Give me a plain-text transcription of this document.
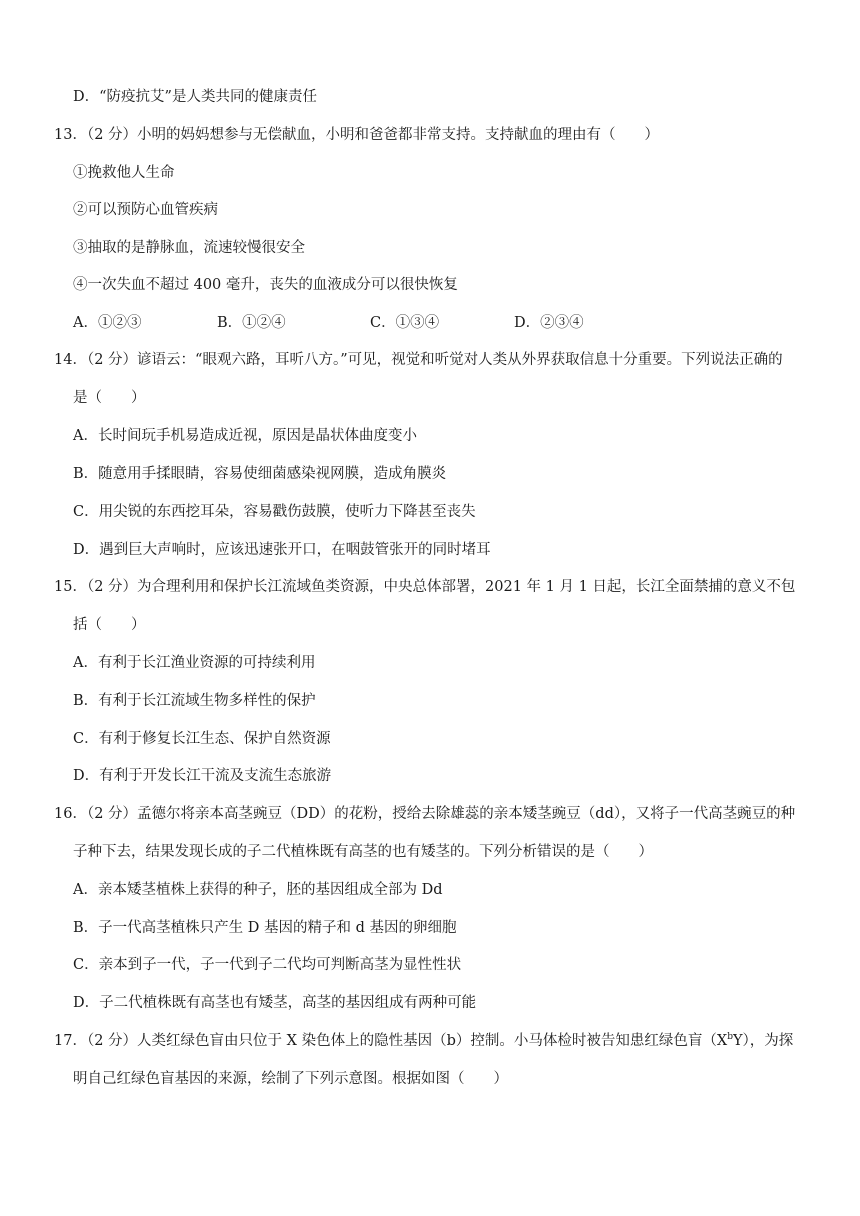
D．“防疫抗艾”是人类共同的健康责任
13．（2 分）小明的妈妈想参与无偿献血，小明和爸爸都非常支持。支持献血的理由有（　　）
①挽救他人生命
②可以预防心血管疾病
③抽取的是静脉血，流速较慢很安全
④一次失血不超过 400 毫升，丧失的血液成分可以很快恢复
A．①②③	B．①②④	C．①③④	D．②③④
14．（2 分）谚语云：“眼观六路，耳听八方。”可见，视觉和听觉对人类从外界获取信息十分重要。下列说法正确的
是（　　）
A．长时间玩手机易造成近视，原因是晶状体曲度变小
B．随意用手揉眼睛，容易使细菌感染视网膜，造成角膜炎
C．用尖锐的东西挖耳朵，容易戳伤鼓膜，使听力下降甚至丧失
D．遇到巨大声响时，应该迅速张开口，在咽鼓管张开的同时堵耳
15．（2 分）为合理利用和保护长江流域鱼类资源，中央总体部署，2021 年 1 月 1 日起，长江全面禁捕的意义不包
括（　　）
A．有利于长江渔业资源的可持续利用
B．有利于长江流域生物多样性的保护
C．有利于修复长江生态、保护自然资源
D．有利于开发长江干流及支流生态旅游
16．（2 分）孟德尔将亲本高茎豌豆（DD）的花粉，授给去除雄蕊的亲本矮茎豌豆（dd），又将子一代高茎豌豆的种
子种下去，结果发现长成的子二代植株既有高茎的也有矮茎的。下列分析错误的是（　　）
A．亲本矮茎植株上获得的种子，胚的基因组成全部为 Dd
B．子一代高茎植株只产生 D 基因的精子和 d 基因的卵细胞
C．亲本到子一代，子一代到子二代均可判断高茎为显性性状
D．子二代植株既有高茎也有矮茎，高茎的基因组成有两种可能
17．（2 分）人类红绿色盲由只位于 X 染色体上的隐性基因（b）控制。小马体检时被告知患红绿色盲$(X^bY)$，为探
明自己红绿色盲基因的来源，绘制了下列示意图。根据如图（　　）
